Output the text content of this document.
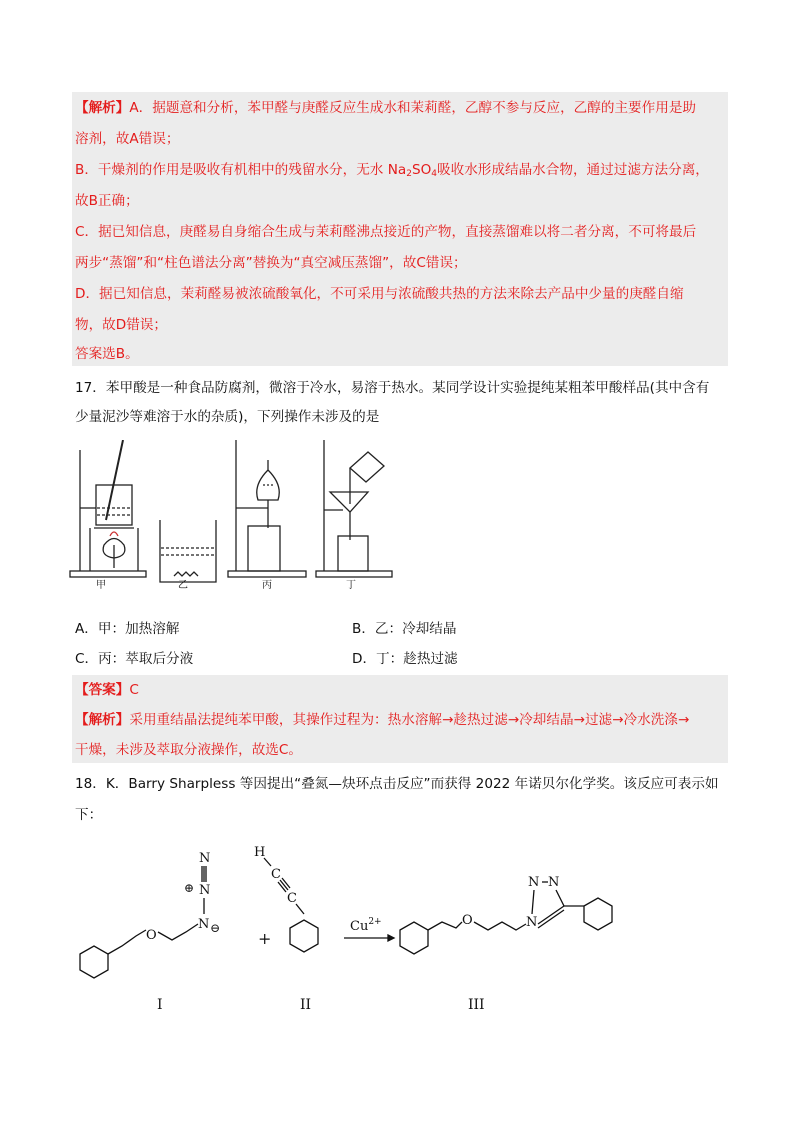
【解析】A．据题意和分析，苯甲醛与庚醛反应生成水和茉莉醛，乙醇不参与反应，乙醇的主要作用是助
溶剂，故A错误；
B．干燥剂的作用是吸收有机相中的残留水分，无水 $Na_2SO_4$吸收水形成结晶水合物，通过过滤方法分离，
故B正确；
C．据已知信息，庚醛易自身缩合生成与茉莉醛沸点接近的产物，直接蒸馏难以将二者分离，不可将最后
两步“蒸馏”和“柱色谱法分离”替换为“真空减压蒸馏”，故C错误；
D．据已知信息，茉莉醛易被浓硫酸氧化，不可采用与浓硫酸共热的方法来除去产品中少量的庚醛自缩
物，故D错误；
答案选B。
17．苯甲酸是一种食品防腐剂，微溶于冷水，易溶于热水。某同学设计实验提纯某粗苯甲酸样品(其中含有
少量泥沙等难溶于水的杂质)，下列操作未涉及的是
甲	乙	丙	丁
A．甲：加热溶解	B．乙：冷却结晶
C．丙：萃取后分液	D．丁：趁热过滤
【答案】C
【解析】采用重结晶法提纯苯甲酸，其操作过程为：热水溶解→趁热过滤→冷却结晶→过滤→冷水洗涤→
干燥，未涉及萃取分液操作，故选C。
18．K．Barry Sharpless 等因提出“叠氮—炔环点击反应”而获得 2022 年诺贝尔化学奖。该反应可表示如
下：
O
N ⊖
N
⊕
N
+
H
C
C
$Cu^{2+}$	O	N
N N
I	II	III
